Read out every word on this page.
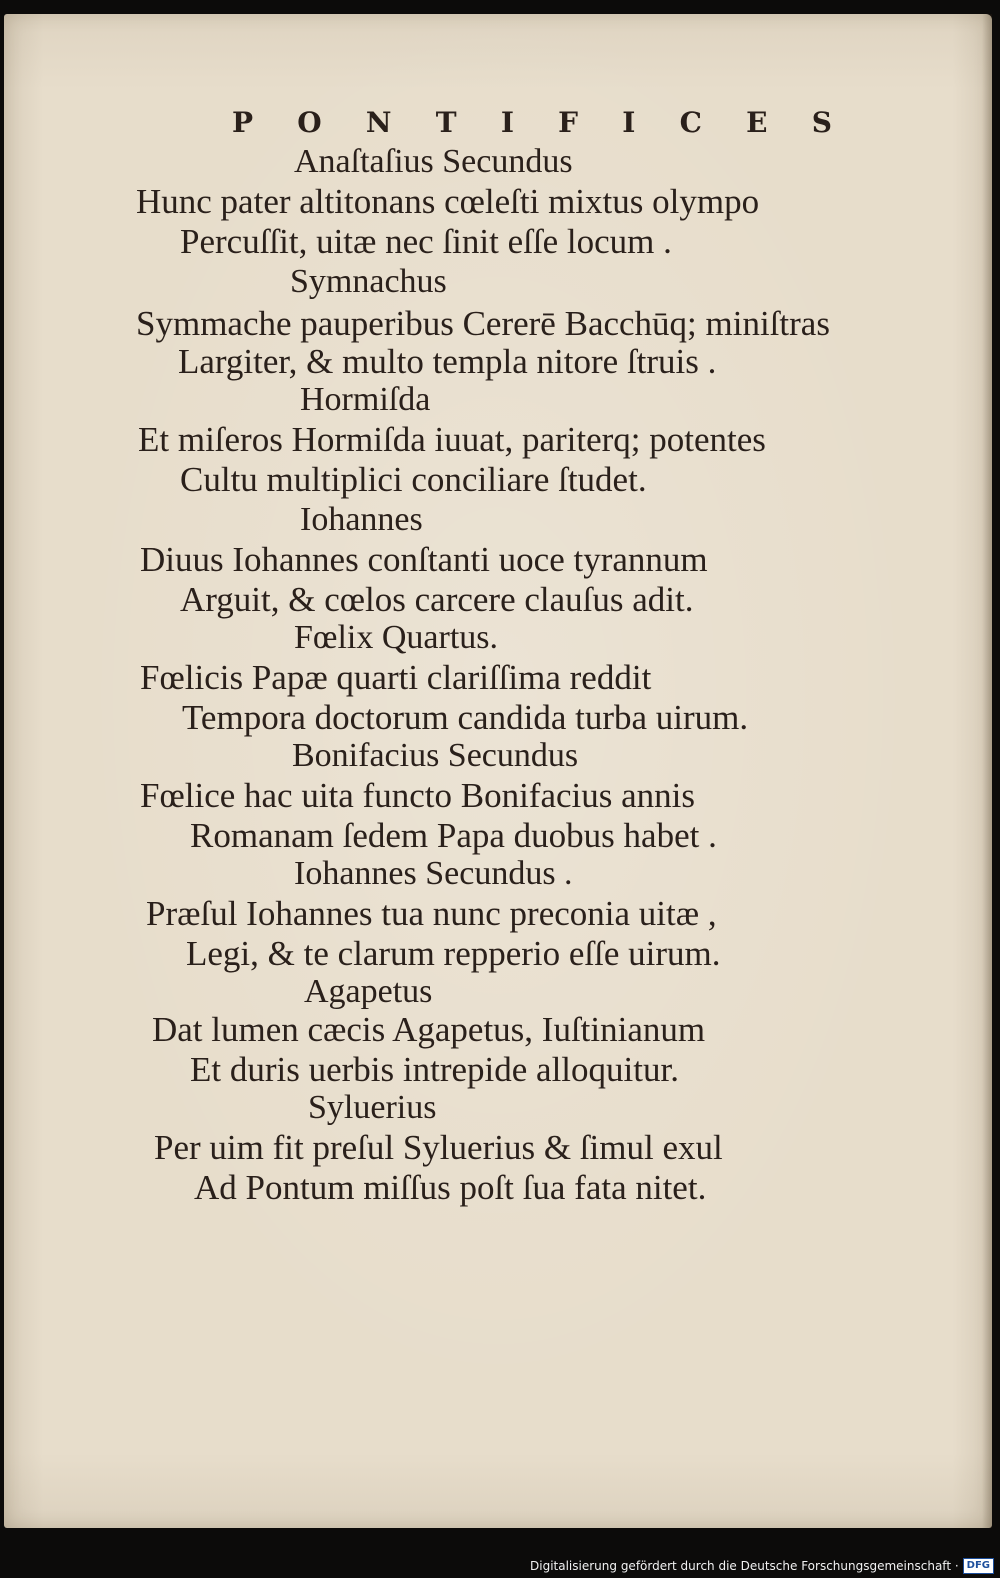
P O N T I F I C E S
Anaſtaſius Secundus
Hunc pater altitonans cœleſti mixtus olympo
Percuſſit, uitæ nec ſinit eſſe locum .
Symnachus
Symmache pauperibus Cererē Bacchūq; miniſtras
Largiter, & multo templa nitore ſtruis .
Hormiſda
Et miſeros Hormiſda iuuat, pariterq; potentes
Cultu multiplici conciliare ſtudet.
Iohannes
Diuus Iohannes conſtanti uoce tyrannum
Arguit, & cœlos carcere clauſus adit.
Fœlix Quartus.
Fœlicis Papæ quarti clariſſima reddit
Tempora doctorum candida turba uirum.
Bonifacius Secundus
Fœlice hac uita functo Bonifacius annis
Romanam ſedem Papa duobus habet .
Iohannes Secundus .
Præſul Iohannes tua nunc preconia uitæ ,
Legi, & te clarum repperio eſſe uirum.
Agapetus
Dat lumen cæcis Agapetus, Iuſtinianum
Et duris uerbis intrepide alloquitur.
Syluerius
Per uim fit preſul Syluerius & ſimul exul
Ad Pontum miſſus poſt ſua fata nitet.
Digitalisierung gefördert durch die Deutsche Forschungsgemeinschaft · DFG
